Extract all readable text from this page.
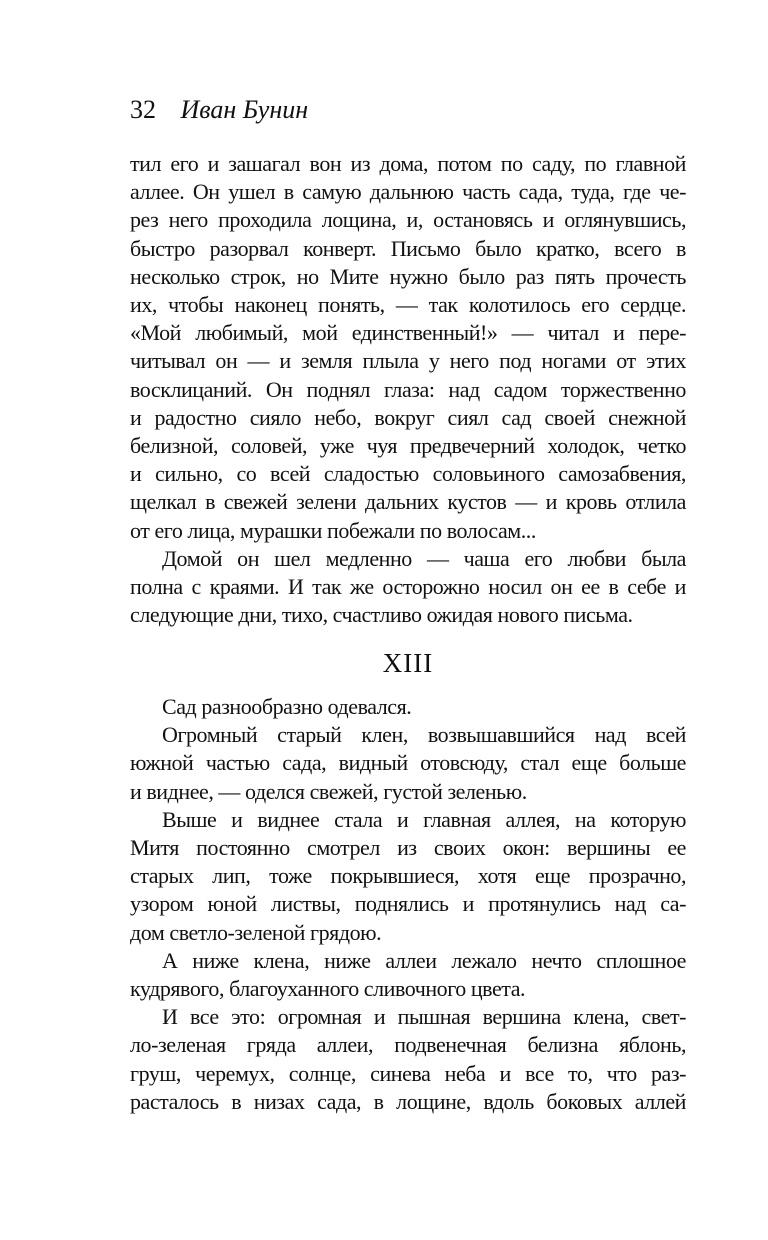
32 Иван Бунин
тил его и зашагал вон из дома, потом по саду, по главной
аллее. Он ушел в самую дальнюю часть сада, туда, где че-
рез него проходила лощина, и, остановясь и оглянувшись,
быстро разорвал конверт. Письмо было кратко, всего в
несколько строк, но Мите нужно было раз пять прочесть
их, чтобы наконец понять, — так колотилось его сердце.
«Мой любимый, мой единственный!» — читал и пере-
читывал он — и земля плыла у него под ногами от этих
восклицаний. Он поднял глаза: над садом торжественно
и радостно сияло небо, вокруг сиял сад своей снежной
белизной, соловей, уже чуя предвечерний холодок, четко
и сильно, со всей сладостью соловьиного самозабвения,
щелкал в свежей зелени дальних кустов — и кровь отлила
от его лица, мурашки побежали по волосам...
Домой он шел медленно — чаша его любви была
полна с краями. И так же осторожно носил он ее в себе и
следующие дни, тихо, счастливо ожидая нового письма.
XIII
Сад разнообразно одевался.
Огромный старый клен, возвышавшийся над всей
южной частью сада, видный отовсюду, стал еще больше
и виднее, — оделся свежей, густой зеленью.
Выше и виднее стала и главная аллея, на которую
Митя постоянно смотрел из своих окон: вершины ее
старых лип, тоже покрывшиеся, хотя еще прозрачно,
узором юной листвы, поднялись и протянулись над са-
дом светло-зеленой грядою.
А ниже клена, ниже аллеи лежало нечто сплошное
кудрявого, благоуханного сливочного цвета.
И все это: огромная и пышная вершина клена, свет-
ло-зеленая гряда аллеи, подвенечная белизна яблонь,
груш, черемух, солнце, синева неба и все то, что раз-
расталось в низах сада, в лощине, вдоль боковых аллей
